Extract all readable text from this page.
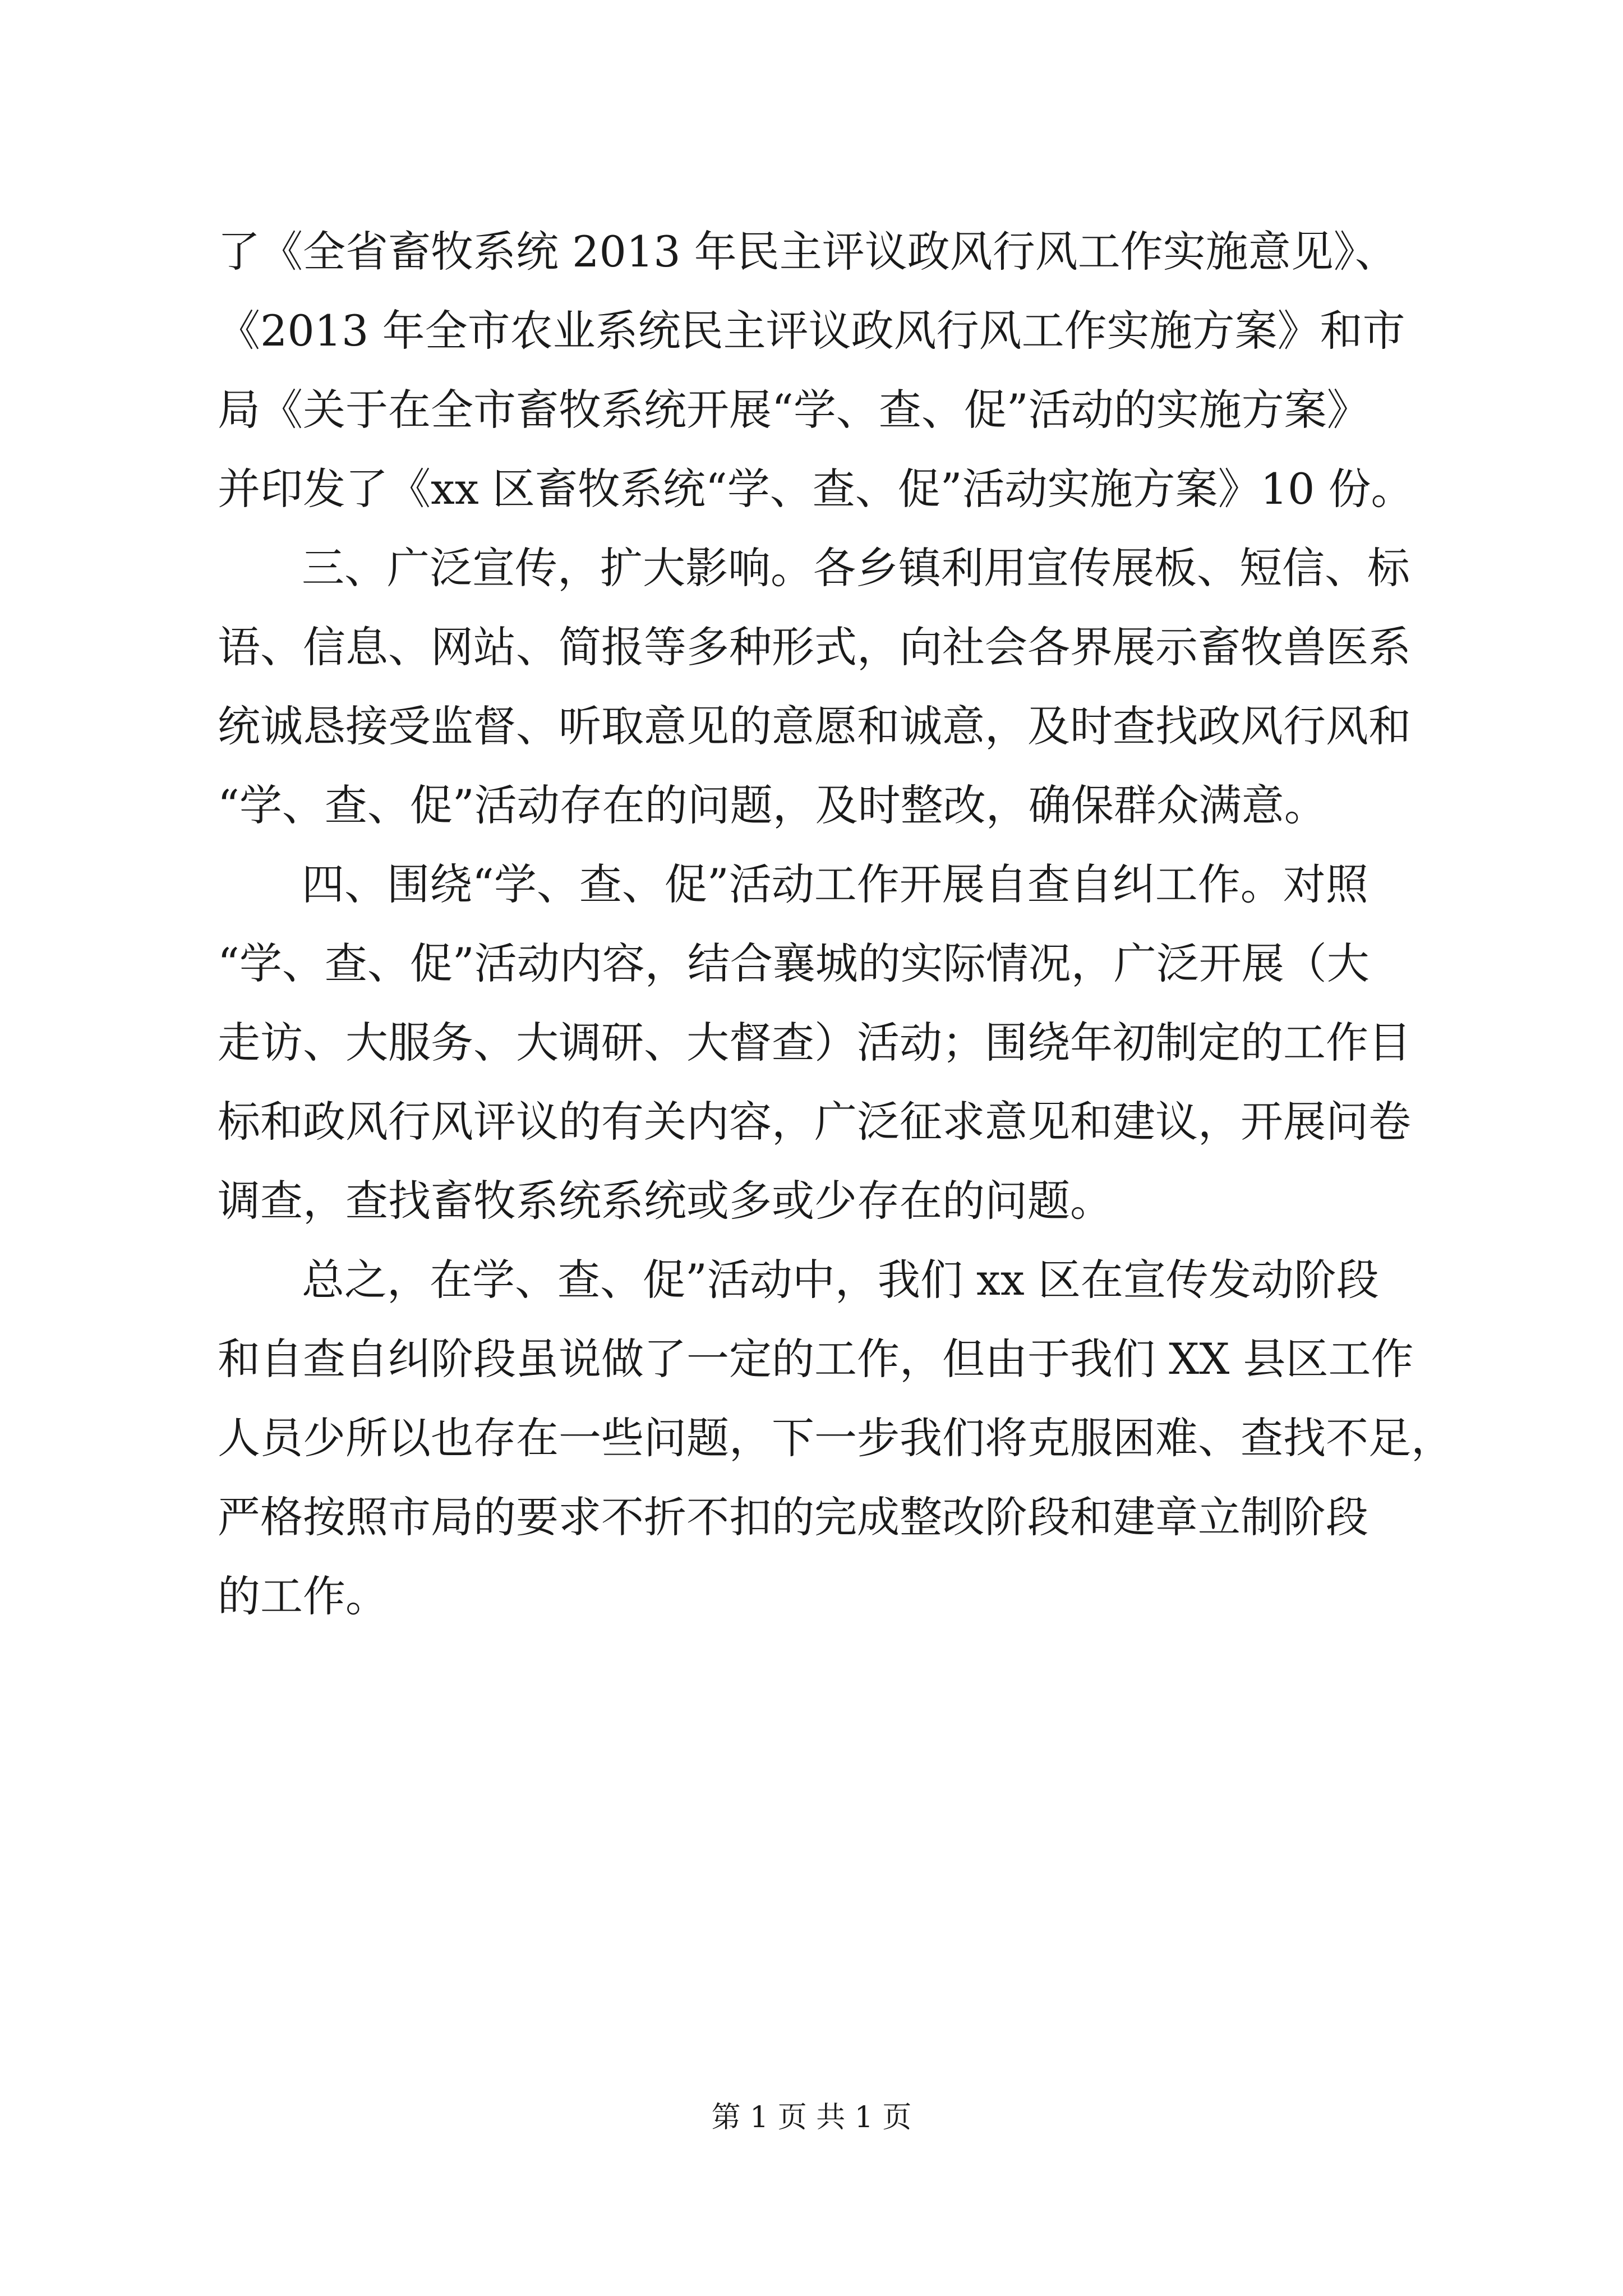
了《全省畜牧系统 2013 年民主评议政风行风工作实施意见》、
《2013 年全市农业系统民主评议政风行风工作实施方案》和市
局《关于在全市畜牧系统开展“学、查、促”活动的实施方案》
并印发了《xx 区畜牧系统“学、查、促”活动实施方案》10 份。
三、广泛宣传，扩大影响。各乡镇利用宣传展板、短信、标
语、信息、网站、简报等多种形式，向社会各界展示畜牧兽医系
统诚恳接受监督、听取意见的意愿和诚意，及时查找政风行风和
“学、查、促”活动存在的问题，及时整改，确保群众满意。
四、围绕“学、查、促”活动工作开展自查自纠工作。对照
“学、查、促”活动内容，结合襄城的实际情况，广泛开展（大
走访、大服务、大调研、大督查）活动；围绕年初制定的工作目
标和政风行风评议的有关内容，广泛征求意见和建议，开展问卷
调查，查找畜牧系统系统或多或少存在的问题。
总之，在学、查、促”活动中，我们 xx 区在宣传发动阶段
和自查自纠阶段虽说做了一定的工作，但由于我们 XX 县区工作
人员少所以也存在一些问题，下一步我们将克服困难、查找不足，
严格按照市局的要求不折不扣的完成整改阶段和建章立制阶段
的工作。
第 1 页 共 1 页
